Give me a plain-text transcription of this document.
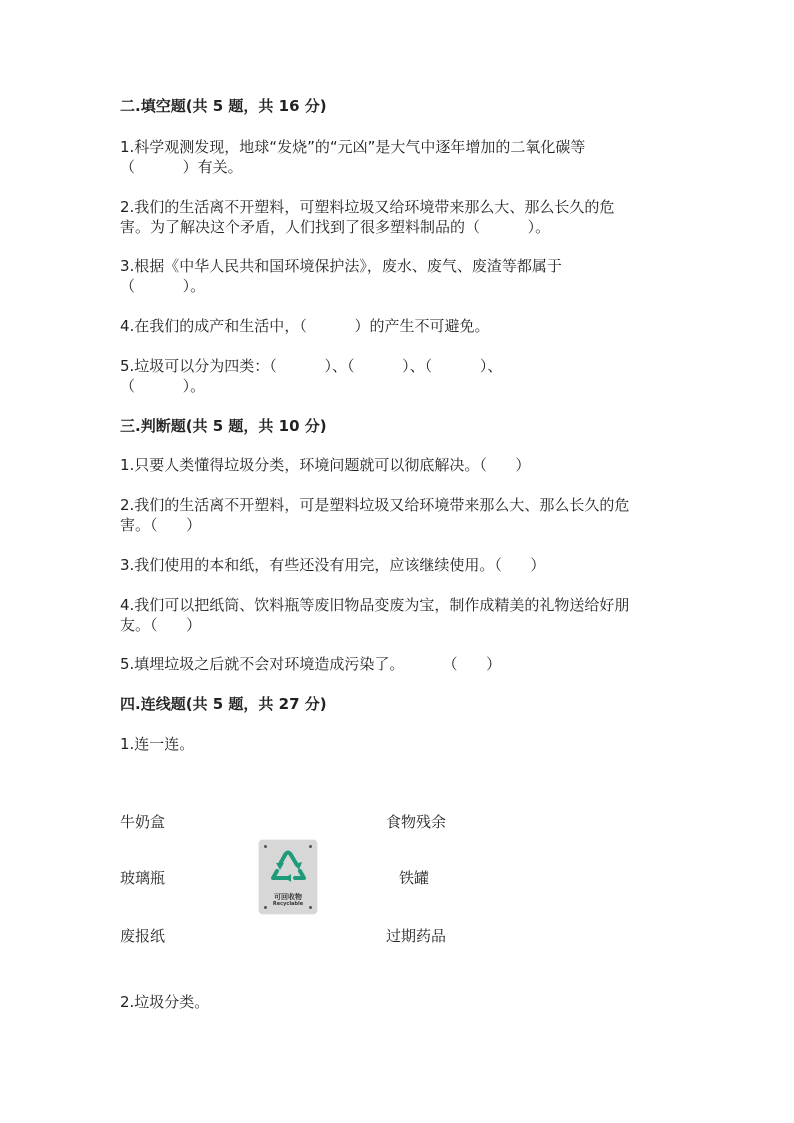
二.填空题(共 5 题，共 16 分)
1.科学观测发现，地球“发烧”的“元凶”是大气中逐年增加的二氧化碳等
（          ）有关。
2.我们的生活离不开塑料，可塑料垃圾又给环境带来那么大、那么长久的危
害。为了解决这个矛盾，人们找到了很多塑料制品的（          ）。
3.根据《中华人民共和国环境保护法》，废水、废气、废渣等都属于
（          ）。
4.在我们的成产和生活中，（          ）的产生不可避免。
5.垃圾可以分为四类：（          ）、（          ）、（          ）、
（          ）。
三.判断题(共 5 题，共 10 分)
1.只要人类懂得垃圾分类，环境问题就可以彻底解决。（      ）
2.我们的生活离不开塑料，可是塑料垃圾又给环境带来那么大、那么长久的危
害。（      ）
3.我们使用的本和纸，有些还没有用完，应该继续使用。（      ）
4.我们可以把纸筒、饮料瓶等废旧物品变废为宝，制作成精美的礼物送给好朋
友。（      ）
5.填埋垃圾之后就不会对环境造成污染了。        （      ）
四.连线题(共 5 题，共 27 分)
1.连一连。
牛奶盒
玻璃瓶
废报纸
食物残余
铁罐
过期药品
可回收物
Recyclable
2.垃圾分类。
